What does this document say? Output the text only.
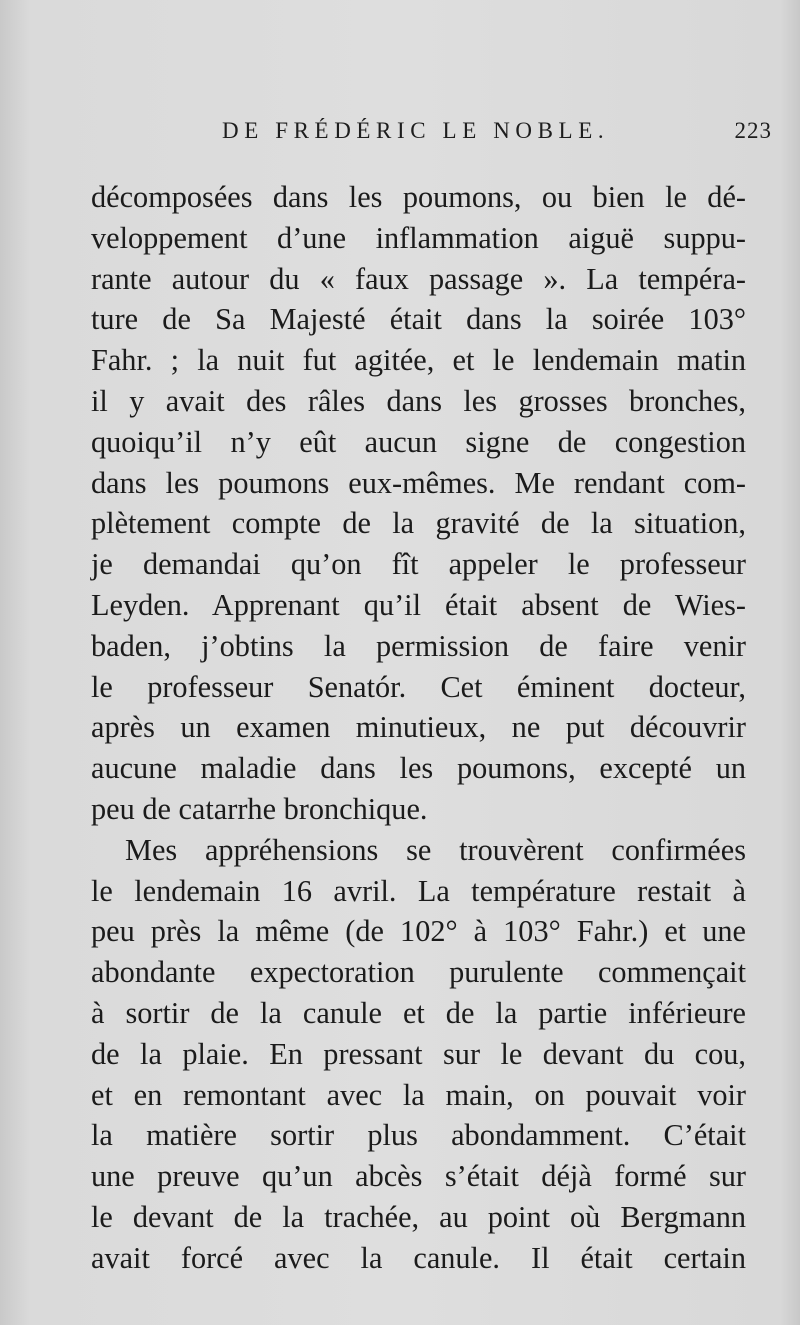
DE FRÉDÉRIC LE NOBLE.	223
décomposées dans les poumons, ou bien le dé-
veloppement d’une inflammation aiguë suppu-
rante autour du « faux passage ». La tempéra-
ture de Sa Majesté était dans la soirée 103°
Fahr. ; la nuit fut agitée, et le lendemain matin
il y avait des râles dans les grosses bronches,
quoiqu’il n’y eût aucun signe de congestion
dans les poumons eux-mêmes. Me rendant com-
plètement compte de la gravité de la situation,
je demandai qu’on fît appeler le professeur
Leyden. Apprenant qu’il était absent de Wies-
baden, j’obtins la permission de faire venir
le professeur Senatór. Cet éminent docteur,
après un examen minutieux, ne put découvrir
aucune maladie dans les poumons, excepté un
peu de catarrhe bronchique.
Mes appréhensions se trouvèrent confirmées
le lendemain 16 avril. La température restait à
peu près la même (de 102° à 103° Fahr.) et une
abondante expectoration purulente commençait
à sortir de la canule et de la partie inférieure
de la plaie. En pressant sur le devant du cou,
et en remontant avec la main, on pouvait voir
la matière sortir plus abondamment. C’était
une preuve qu’un abcès s’était déjà formé sur
le devant de la trachée, au point où Bergmann
avait forcé avec la canule. Il était certain
